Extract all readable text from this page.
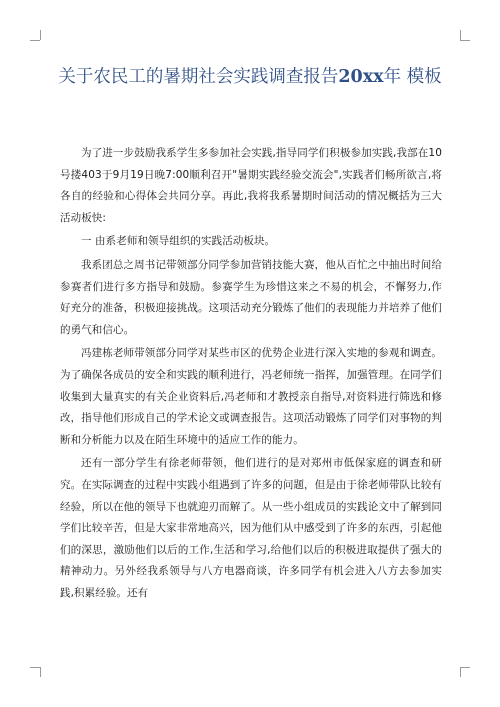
关于农民工的暑期社会实践调查报告20xx年 模板

为了进一步鼓励我系学生多参加社会实践,指导同学们积极参加实践,我部在10号搂403于9月19日晚7:00顺利召开"暑期实践经验交流会",实践者们畅所欲言,将各自的经验和心得体会共同分享。再此,我将我系暑期时间活动的情况概括为三大活动板快:

一 由系老师和领导组织的实践活动板块。

我系团总之周书记带领部分同学参加营销技能大赛，他从百忙之中抽出时间给参赛者们进行多方指导和鼓励。参赛学生为珍惜这来之不易的机会，不懈努力,作好充分的准备，积极迎接挑战。这项活动充分锻炼了他们的表现能力并培养了他们的勇气和信心。

冯建栋老师带领部分同学对某些市区的优势企业进行深入实地的参观和调查。为了确保各成员的安全和实践的顺利进行，冯老师统一指挥，加强管理。在同学们收集到大量真实的有关企业资料后,冯老师和才教授亲自指导,对资料进行筛选和修改，指导他们形成自己的学术论文或调查报告。这项活动锻炼了同学们对事物的判断和分析能力以及在陌生环境中的适应工作的能力。

还有一部分学生有徐老师带领，他们进行的是对郑州市低保家庭的调查和研究。在实际调查的过程中实践小组遇到了许多的问题，但是由于徐老师带队比较有经验，所以在他的领导下也就迎刃而解了。从一些小组成员的实践论文中了解到同学们比较辛苦，但是大家非常地高兴，因为他们从中感受到了许多的东西，引起他们的深思，激励他们以后的工作,生活和学习,给他们以后的积极进取提供了强大的精神动力。另外经我系领导与八方电器商谈，许多同学有机会进入八方去参加实践,积累经验。还有
